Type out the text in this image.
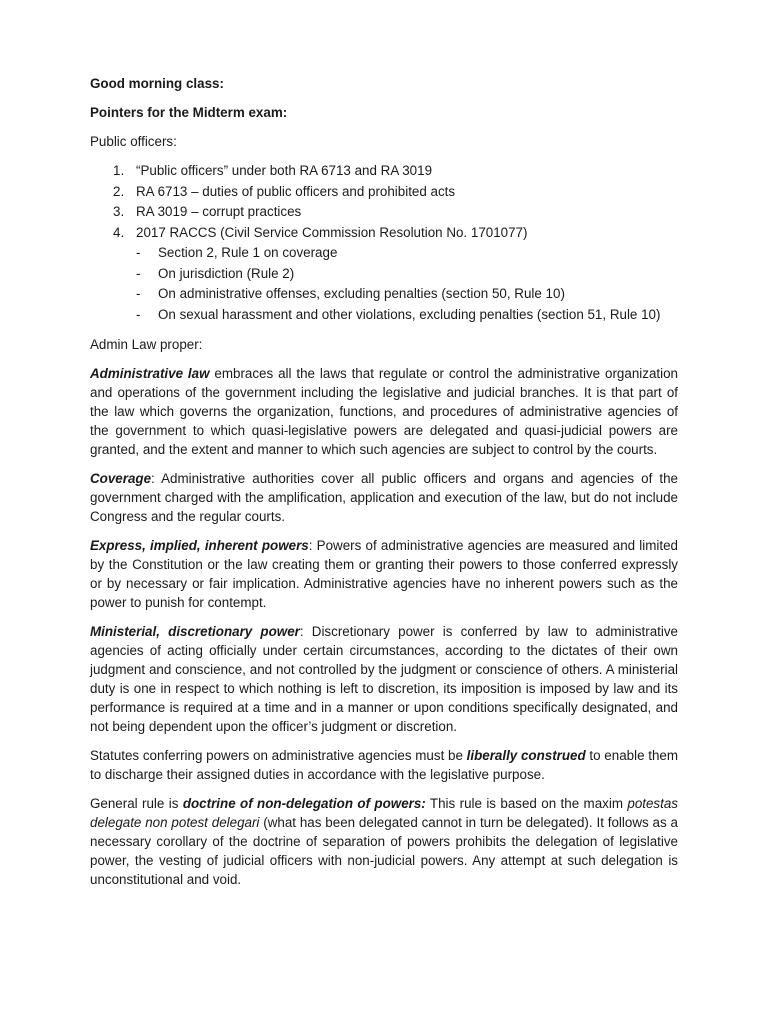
Good morning class:

Pointers for the Midterm exam:

Public officers:

1. “Public officers” under both RA 6713 and RA 3019
2. RA 6713 – duties of public officers and prohibited acts
3. RA 3019 – corrupt practices
4. 2017 RACCS (Civil Service Commission Resolution No. 1701077)
- Section 2, Rule 1 on coverage
- On jurisdiction (Rule 2)
- On administrative offenses, excluding penalties (section 50, Rule 10)
- On sexual harassment and other violations, excluding penalties (section 51, Rule 10)

Admin Law proper:

Administrative law embraces all the laws that regulate or control the administrative organization and operations of the government including the legislative and judicial branches. It is that part of the law which governs the organization, functions, and procedures of administrative agencies of the government to which quasi-legislative powers are delegated and quasi-judicial powers are granted, and the extent and manner to which such agencies are subject to control by the courts.

Coverage: Administrative authorities cover all public officers and organs and agencies of the government charged with the amplification, application and execution of the law, but do not include Congress and the regular courts.

Express, implied, inherent powers: Powers of administrative agencies are measured and limited by the Constitution or the law creating them or granting their powers to those conferred expressly or by necessary or fair implication. Administrative agencies have no inherent powers such as the power to punish for contempt.

Ministerial, discretionary power: Discretionary power is conferred by law to administrative agencies of acting officially under certain circumstances, according to the dictates of their own judgment and conscience, and not controlled by the judgment or conscience of others. A ministerial duty is one in respect to which nothing is left to discretion, its imposition is imposed by law and its performance is required at a time and in a manner or upon conditions specifically designated, and not being dependent upon the officer’s judgment or discretion.

Statutes conferring powers on administrative agencies must be liberally construed to enable them to discharge their assigned duties in accordance with the legislative purpose.

General rule is doctrine of non-delegation of powers: This rule is based on the maxim potestas delegate non potest delegari (what has been delegated cannot in turn be delegated). It follows as a necessary corollary of the doctrine of separation of powers prohibits the delegation of legislative power, the vesting of judicial officers with non-judicial powers. Any attempt at such delegation is unconstitutional and void.
